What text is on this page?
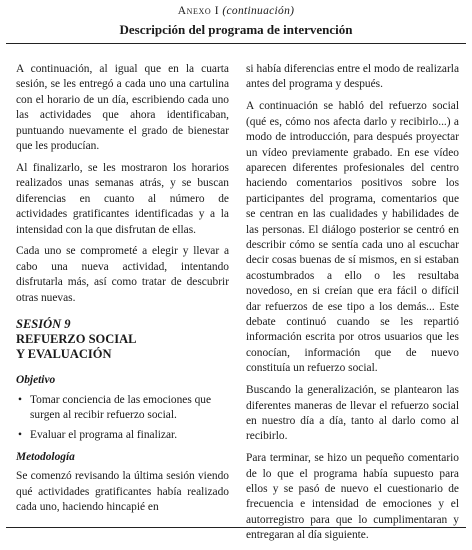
Anexo I (continuación)
Descripción del programa de intervención

A continuación, al igual que en la cuarta sesión, se les entregó a cada uno una cartulina con el horario de un día, escribiendo cada uno las actividades que ahora identificaban, puntuando nuevamente el grado de bienestar que les producían.

Al finalizarlo, se les mostraron los horarios realizados unas semanas atrás, y se buscan diferencias en cuanto al número de actividades gratificantes identificadas y a la intensidad con la que disfrutan de ellas.

Cada uno se comprometé a elegir y llevar a cabo una nueva actividad, intentando disfrutarla más, así como tratar de descubrir otras nuevas.

SESIÓN 9
REFUERZO SOCIAL
Y EVALUACIÓN
Objetivo
• Tomar conciencia de las emociones que surgen al recibir refuerzo social.
• Evaluar el programa al finalizar.
Metodología

Se comenzó revisando la última sesión viendo qué actividades gratificantes había realizado cada uno, haciendo hincapié en

si había diferencias entre el modo de realizarla antes del programa y después.

A continuación se habló del refuerzo social (qué es, cómo nos afecta darlo y recibirlo...) a modo de introducción, para después proyectar un vídeo previamente grabado. En ese vídeo aparecen diferentes profesionales del centro haciendo comentarios positivos sobre los participantes del programa, comentarios que se centran en las cualidades y habilidades de las personas. El diálogo posterior se centró en describir cómo se sentía cada uno al escuchar decir cosas buenas de sí mismos, en si estaban acostumbrados a ello o les resultaba novedoso, en si creían que era fácil o difícil dar refuerzos de ese tipo a los demás... Este debate continuó cuando se les repartió información escrita por otros usuarios que les conocían, información que de nuevo constituía un refuerzo social.

Buscando la generalización, se plantearon las diferentes maneras de llevar el refuerzo social en nuestro día a día, tanto al darlo como al recibirlo.

Para terminar, se hizo un pequeño comentario de lo que el programa había supuesto para ellos y se pasó de nuevo el cuestionario de frecuencia e intensidad de emociones y el autorregistro para que lo cumplimentaran y entregaran al día siguiente.
